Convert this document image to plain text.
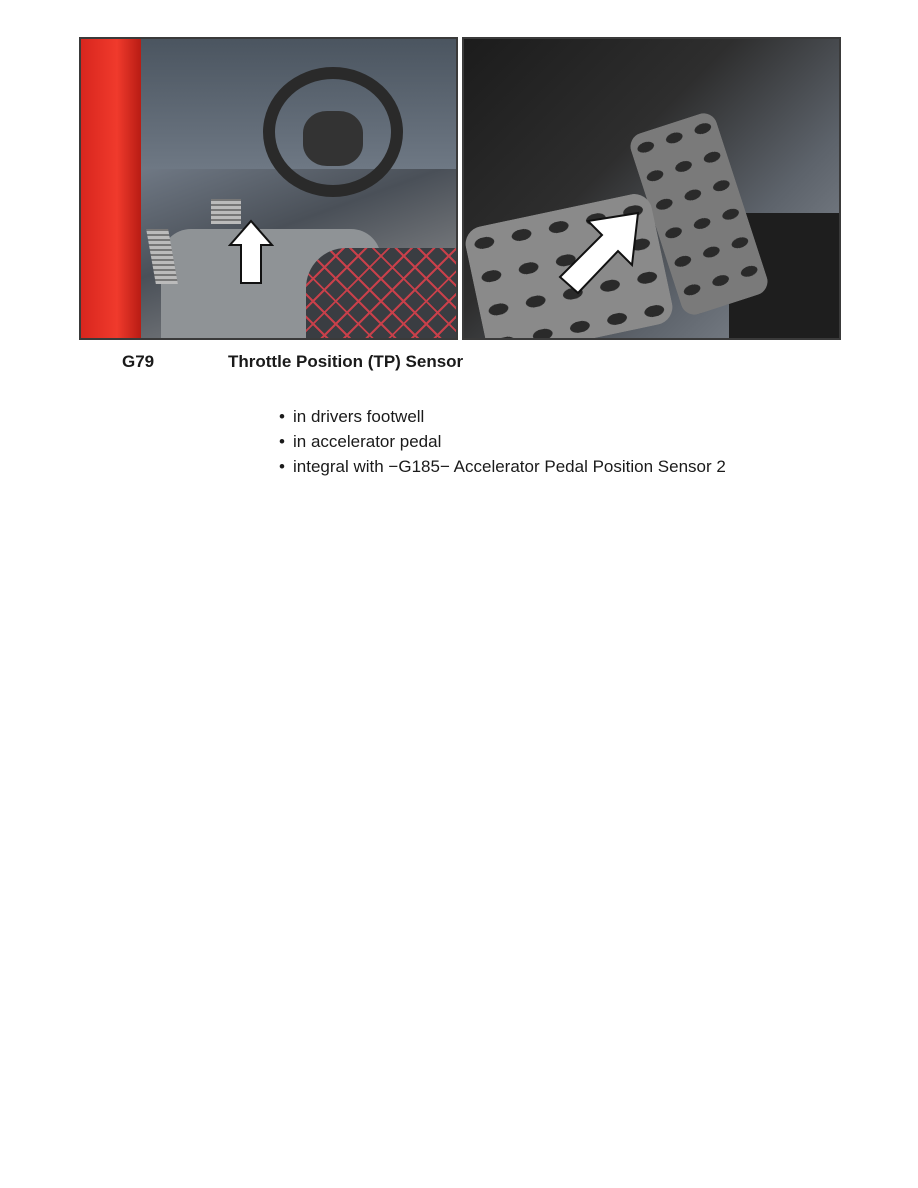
G79	Throttle Position (TP) Sensor
• in drivers footwell
• in accelerator pedal
• integral with −G185− Accelerator Pedal Position Sensor 2
